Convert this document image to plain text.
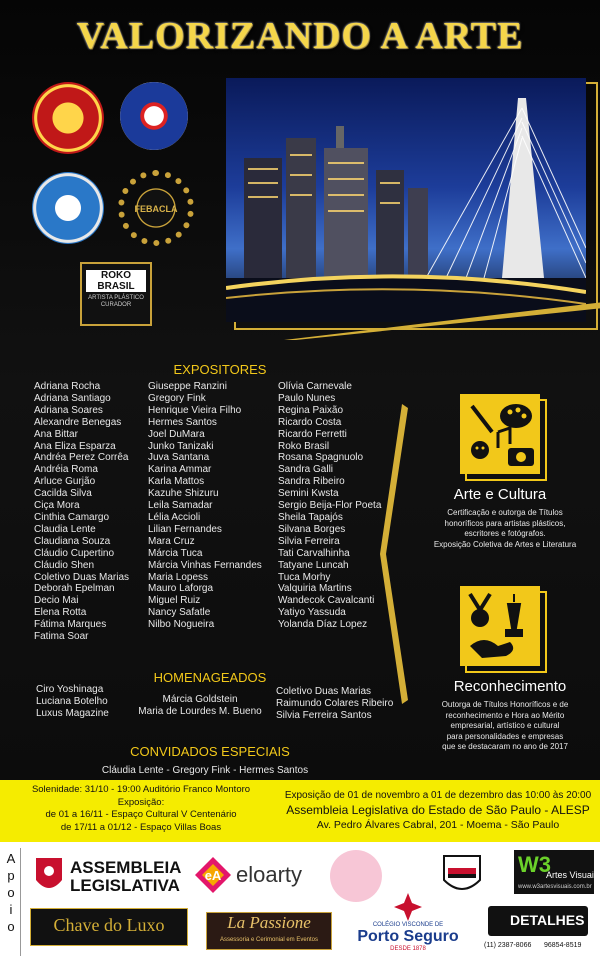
VALORIZANDO A ARTE
FEBACLA
ROKO
BRASIL
ARTISTA PLÁSTICO
CURADOR
EXPOSITORES
Adriana Rocha
Adriana Santiago
Adriana Soares
Alexandre Benegas
Ana Bittar
Ana Eliza Esparza
Andréa Perez Corrêa
Andréia Roma
Arluce Gurjão
Cacilda Silva
Ciça Mora
Cinthia Camargo
Claudia Lente
Claudiana Souza
Cláudio Cupertino
Cláudio Shen
Coletivo Duas Marias
Deborah Epelman
Decio Mai
Elena Rotta
Fátima Marques
Fatima Soar
Giuseppe Ranzini
Gregory Fink
Henrique Vieira Filho
Hermes Santos
Joel DuMara
Junko Tanizaki
Juva Santana
Karina Ammar
Karla Mattos
Kazuhe Shizuru
Leila Samadar
Lélia Accioli
Lilian Fernandes
Mara Cruz
Márcia Tuca
Márcia Vinhas Fernandes
Maria Lopess
Mauro Laforga
Miguel Ruiz
Nancy Safatle
Nilbo Nogueira
Olívia Carnevale
Paulo Nunes
Regina Paixão
Ricardo Costa
Ricardo Ferretti
Roko Brasil
Rosana Spagnuolo
Sandra Galli
Sandra Ribeiro
Semini Kwsta
Sergio Beija-Flor Poeta
Sheila Tapajós
Silvana Borges
Silvia Ferreira
Tati Carvalhinha
Tatyane Luncah
Tuca Morhy
Valquiria Martins
Wandecok Cavalcanti
Yatiyo Yassuda
Yolanda Díaz Lopez
HOMENAGEADOS
Ciro Yoshinaga
Luciana Botelho
Luxus Magazine
Márcia Goldstein
Maria de Lourdes M. Bueno
Coletivo Duas Marias
Raimundo Colares Ribeiro
Silvia Ferreira Santos
CONVIDADOS ESPECIAIS
Cláudia Lente - Gregory Fink - Hermes Santos
Arte e Cultura
Certificação e outorga de Títulos
honoríficos para artistas plásticos,
escritores e fotógrafos.
Exposição Coletiva de Artes e Literatura
Reconhecimento
Outorga de Títulos Honoríficos e de
reconhecimento e Hora ao Mérito
empresarial, artístico e cultural
para personalidades e empresas
que se destacaram no ano de 2017
Solenidade: 31/10 - 19:00 Auditório Franco Montoro
Exposição:
de 01 a 16/11 - Espaço Cultural V Centenário
de 17/11 a 01/12 - Espaço Villas Boas
Exposição de 01 de novembro a 01 de dezembro das 10:00 às 20:00
Assembleia Legislativa do Estado de São Paulo - ALESP
Av. Pedro Álvares Cabral, 201 - Moema - São Paulo
ASSEMBLEIA
LEGISLATIVA
eA eloarty	W3
Artes Visuais
www.w3artesvisuais.com.br
Chave do Luxo	La Passione
Assessoria e Cerimonial em Eventos
COLÉGIO VISCONDE DE
Porto Seguro
DESDE 1878
DETALHES
(11) 2387-8066 96854-8519
A
p
o
i
o
